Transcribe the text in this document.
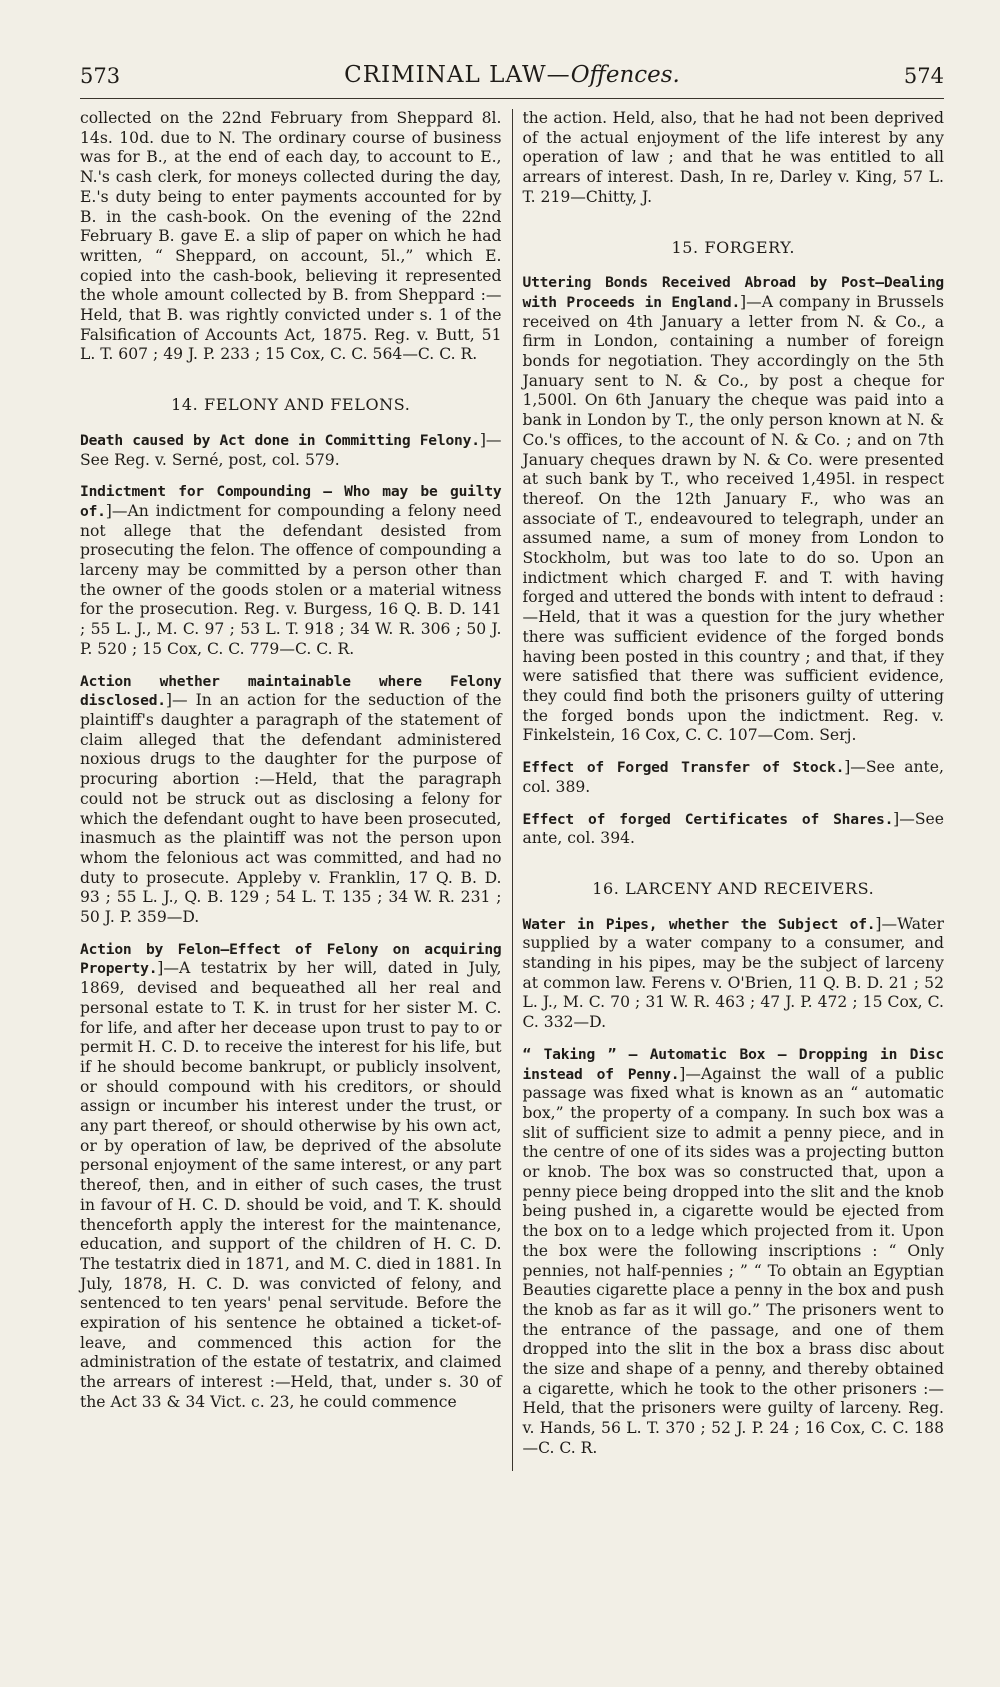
573	CRIMINAL LAW—Offences.	574

collected on the 22nd February from Sheppard 8l. 14s. 10d. due to N. The ordinary course of business was for B., at the end of each day, to account to E., N.'s cash clerk, for moneys collected during the day, E.'s duty being to enter payments accounted for by B. in the cash-book. On the evening of the 22nd February B. gave E. a slip of paper on which he had written, “ Sheppard, on account, 5l.,” which E. copied into the cash-book, believing it represented the whole amount collected by B. from Sheppard :—Held, that B. was rightly convicted under s. 1 of the Falsification of Accounts Act, 1875. Reg. v. Butt, 51 L. T. 607 ; 49 J. P. 233 ; 15 Cox, C. C. 564—C. C. R.

14. FELONY AND FELONS.

Death caused by Act done in Committing Felony.]—See Reg. v. Serné, post, col. 579.

Indictment for Compounding — Who may be guilty of.]—An indictment for compounding a felony need not allege that the defendant desisted from prosecuting the felon. The offence of compounding a larceny may be committed by a person other than the owner of the goods stolen or a material witness for the prosecution. Reg. v. Burgess, 16 Q. B. D. 141 ; 55 L. J., M. C. 97 ; 53 L. T. 918 ; 34 W. R. 306 ; 50 J. P. 520 ; 15 Cox, C. C. 779—C. C. R.

Action whether maintainable where Felony disclosed.]— In an action for the seduction of the plaintiff's daughter a paragraph of the statement of claim alleged that the defendant administered noxious drugs to the daughter for the purpose of procuring abortion :—Held, that the paragraph could not be struck out as disclosing a felony for which the defendant ought to have been prosecuted, inasmuch as the plaintiff was not the person upon whom the felonious act was committed, and had no duty to prosecute. Appleby v. Franklin, 17 Q. B. D. 93 ; 55 L. J., Q. B. 129 ; 54 L. T. 135 ; 34 W. R. 231 ; 50 J. P. 359—D.

Action by Felon—Effect of Felony on acquiring Property.]—A testatrix by her will, dated in July, 1869, devised and bequeathed all her real and personal estate to T. K. in trust for her sister M. C. for life, and after her decease upon trust to pay to or permit H. C. D. to receive the interest for his life, but if he should become bankrupt, or publicly insolvent, or should compound with his creditors, or should assign or incumber his interest under the trust, or any part thereof, or should otherwise by his own act, or by operation of law, be deprived of the absolute personal enjoyment of the same interest, or any part thereof, then, and in either of such cases, the trust in favour of H. C. D. should be void, and T. K. should thenceforth apply the interest for the maintenance, education, and support of the children of H. C. D. The testatrix died in 1871, and M. C. died in 1881. In July, 1878, H. C. D. was convicted of felony, and sentenced to ten years' penal servitude. Before the expiration of his sentence he obtained a ticket-of-leave, and commenced this action for the administration of the estate of testatrix, and claimed the arrears of interest :—Held, that, under s. 30 of the Act 33 & 34 Vict. c. 23, he could commence

the action. Held, also, that he had not been deprived of the actual enjoyment of the life interest by any operation of law ; and that he was entitled to all arrears of interest. Dash, In re, Darley v. King, 57 L. T. 219—Chitty, J.

15. FORGERY.

Uttering Bonds Received Abroad by Post—Dealing with Proceeds in England.]—A company in Brussels received on 4th January a letter from N. & Co., a firm in London, containing a number of foreign bonds for negotiation. They accordingly on the 5th January sent to N. & Co., by post a cheque for 1,500l. On 6th January the cheque was paid into a bank in London by T., the only person known at N. & Co.'s offices, to the account of N. & Co. ; and on 7th January cheques drawn by N. & Co. were presented at such bank by T., who received 1,495l. in respect thereof. On the 12th January F., who was an associate of T., endeavoured to telegraph, under an assumed name, a sum of money from London to Stockholm, but was too late to do so. Upon an indictment which charged F. and T. with having forged and uttered the bonds with intent to defraud :—Held, that it was a question for the jury whether there was sufficient evidence of the forged bonds having been posted in this country ; and that, if they were satisfied that there was sufficient evidence, they could find both the prisoners guilty of uttering the forged bonds upon the indictment. Reg. v. Finkelstein, 16 Cox, C. C. 107—Com. Serj.

Effect of Forged Transfer of Stock.]—See ante, col. 389.

Effect of forged Certificates of Shares.]—See ante, col. 394.

16. LARCENY AND RECEIVERS.

Water in Pipes, whether the Subject of.]—Water supplied by a water company to a consumer, and standing in his pipes, may be the subject of larceny at common law. Ferens v. O'Brien, 11 Q. B. D. 21 ; 52 L. J., M. C. 70 ; 31 W. R. 463 ; 47 J. P. 472 ; 15 Cox, C. C. 332—D.

“ Taking ” — Automatic Box — Dropping in Disc instead of Penny.]—Against the wall of a public passage was fixed what is known as an “ automatic box,” the property of a company. In such box was a slit of sufficient size to admit a penny piece, and in the centre of one of its sides was a projecting button or knob. The box was so constructed that, upon a penny piece being dropped into the slit and the knob being pushed in, a cigarette would be ejected from the box on to a ledge which projected from it. Upon the box were the following inscriptions : “ Only pennies, not half-pennies ; ” “ To obtain an Egyptian Beauties cigarette place a penny in the box and push the knob as far as it will go.” The prisoners went to the entrance of the passage, and one of them dropped into the slit in the box a brass disc about the size and shape of a penny, and thereby obtained a cigarette, which he took to the other prisoners :—Held, that the prisoners were guilty of larceny. Reg. v. Hands, 56 L. T. 370 ; 52 J. P. 24 ; 16 Cox, C. C. 188—C. C. R.
